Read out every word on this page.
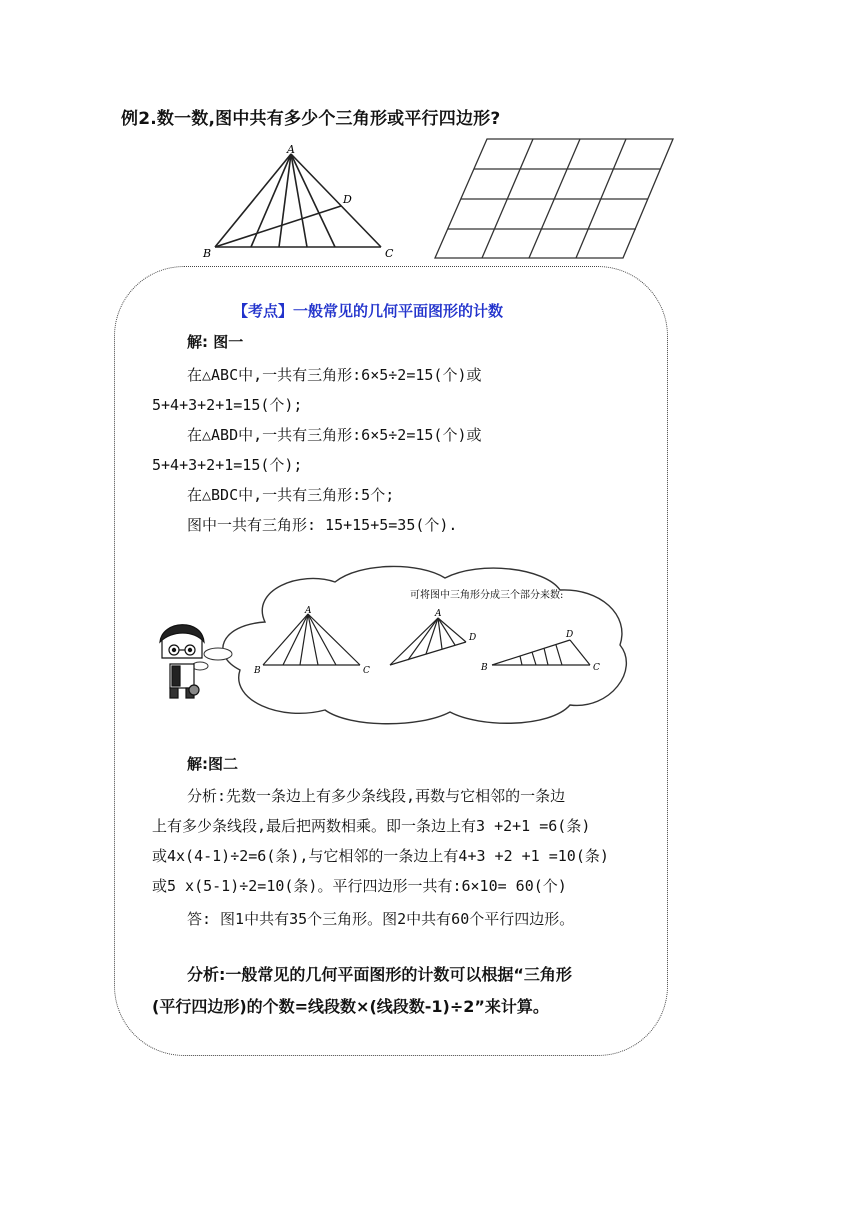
例2.数一数,图中共有多少个三角形或平行四边形?
A
B	C
D
【考点】一般常见的几何平面图形的计数
解: 图一
在△ABC中,一共有三角形:6×5÷2=15(个)或
5+4+3+2+1=15(个);
在△ABD中,一共有三角形:6×5÷2=15(个)或
5+4+3+2+1=15(个);
在△BDC中,一共有三角形:5个;
图中一共有三角形: 15+15+5=35(个).
可将图中三角形分成三个部分来数:
A
B	C
A
D
B
D
C
解:图二
分析:先数一条边上有多少条线段,再数与它相邻的一条边
上有多少条线段,最后把两数相乘。即一条边上有3 +2+1 =6(条)
或4x(4-1)÷2=6(条),与它相邻的一条边上有4+3 +2 +1 =10(条)
或5 x(5-1)÷2=10(条)。平行四边形一共有:6×10= 60(个)
答: 图1中共有35个三角形。图2中共有60个平行四边形。
分析:一般常见的几何平面图形的计数可以根据“三角形
(平行四边形)的个数=线段数×(线段数-1)÷2”来计算。
